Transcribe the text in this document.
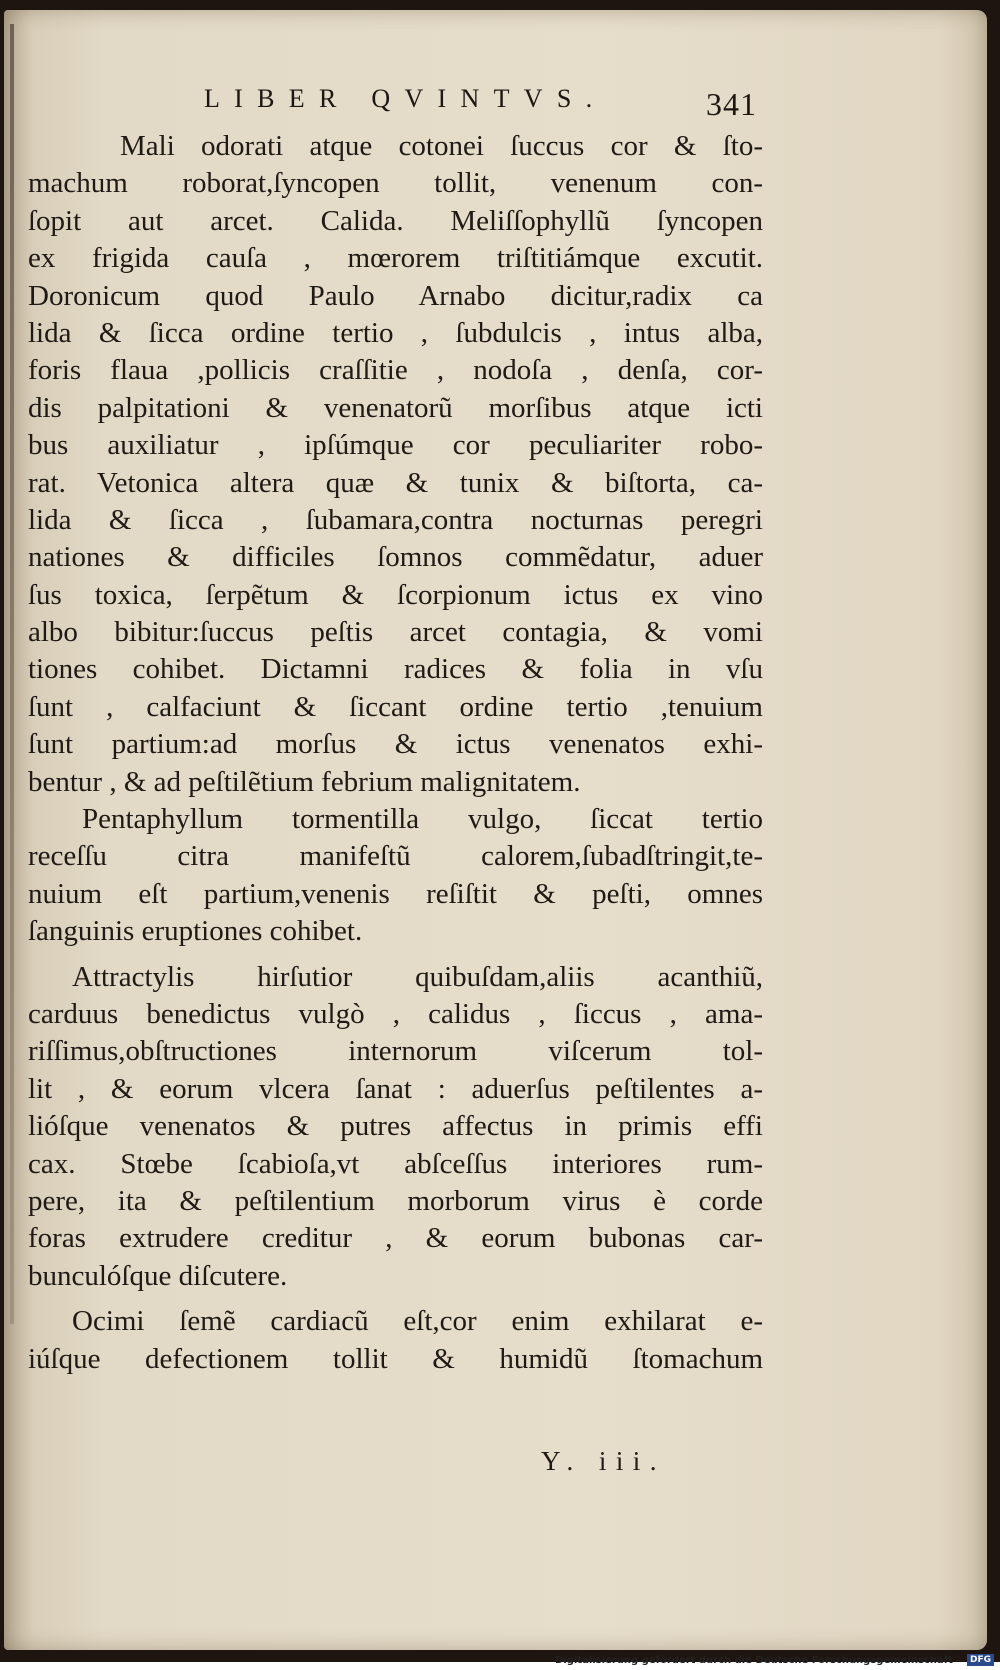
LIBER QVINTVS.	341
Mali odorati atque cotonei ſuccus cor & ſto-
machum roborat,ſyncopen tollit, venenum con-
ſopit aut arcet. Calida. Meliſſophyllũ ſyncopen
ex frigida cauſa , mœrorem triſtitiámque excutit.
Doronicum quod Paulo Arnabo dicitur,radix ca
lida & ſicca ordine tertio , ſubdulcis , intus alba,
foris flaua ,pollicis craſſitie , nodoſa , denſa, cor-
dis palpitationi & venenatorũ morſibus atque icti
bus auxiliatur , ipſúmque cor peculiariter robo-
rat. Vetonica altera quæ & tunix & biſtorta, ca-
lida & ſicca , ſubamara,contra nocturnas peregri
nationes & difficiles ſomnos commẽdatur, aduer
ſus toxica, ſerpẽtum & ſcorpionum ictus ex vino
albo bibitur:ſuccus peſtis arcet contagia, & vomi
tiones cohibet. Dictamni radices & folia in vſu
ſunt , calfaciunt & ſiccant ordine tertio ,tenuium
ſunt partium:ad morſus & ictus venenatos exhi-
bentur , & ad peſtilẽtium febrium malignitatem.
Pentaphyllum tormentilla vulgo, ſiccat tertio
receſſu citra manifeſtũ calorem,ſubadſtringit,te-
nuium eſt partium,venenis reſiſtit & peſti, omnes
ſanguinis eruptiones cohibet.
Attractylis hirſutior quibuſdam,aliis acanthiũ,
carduus benedictus vulgò , calidus , ſiccus , ama-
riſſimus,obſtructiones internorum viſcerum tol-
lit , & eorum vlcera ſanat : aduerſus peſtilentes a-
lióſque venenatos & putres affectus in primis effi
cax. Stœbe ſcabioſa,vt abſceſſus interiores rum-
pere, ita & peſtilentium morborum virus è corde
foras extrudere creditur , & eorum bubonas car-
bunculóſque diſcutere.
Ocimi ſemẽ cardiacũ eſt,cor enim exhilarat e-
iúſque defectionem tollit & humidũ ſtomachum
Y. iii.
Digitalisierung gefördert durch die Deutsche Forschungsgemeinschaft - DFG
